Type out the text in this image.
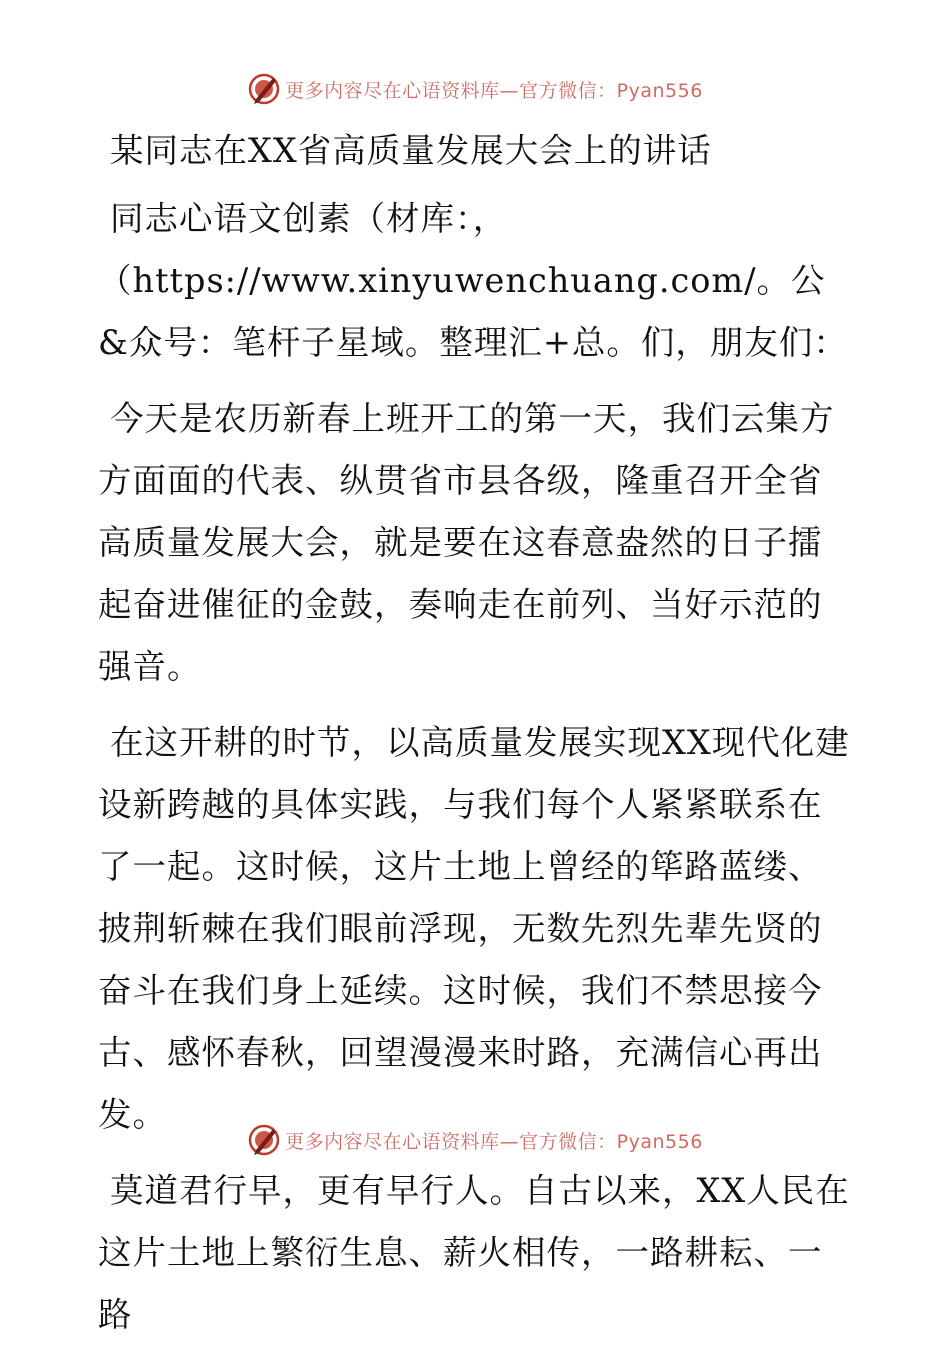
更多内容尽在心语资料库—官方微信：Pyan556

某同志在XX省高质量发展大会上的讲话

同志心语文创素（材库：，（https://www.xinyuwenchuang.com/。公&众号：笔杆子星域。整理汇+总。们，朋友们：

今天是农历新春上班开工的第一天，我们云集方方面面的代表、纵贯省市县各级，隆重召开全省高质量发展大会，就是要在这春意盎然的日子擂起奋进催征的金鼓，奏响走在前列、当好示范的强音。

在这开耕的时节，以高质量发展实现XX现代化建设新跨越的具体实践，与我们每个人紧紧联系在了一起。这时候，这片土地上曾经的筚路蓝缕、披荆斩棘在我们眼前浮现，无数先烈先辈先贤的奋斗在我们身上延续。这时候，我们不禁思接今古、感怀春秋，回望漫漫来时路，充满信心再出发。

莫道君行早，更有早行人。自古以来，XX人民在这片土地上繁衍生息、薪火相传，一路耕耘、一路

更多内容尽在心语资料库—官方微信：Pyan556
